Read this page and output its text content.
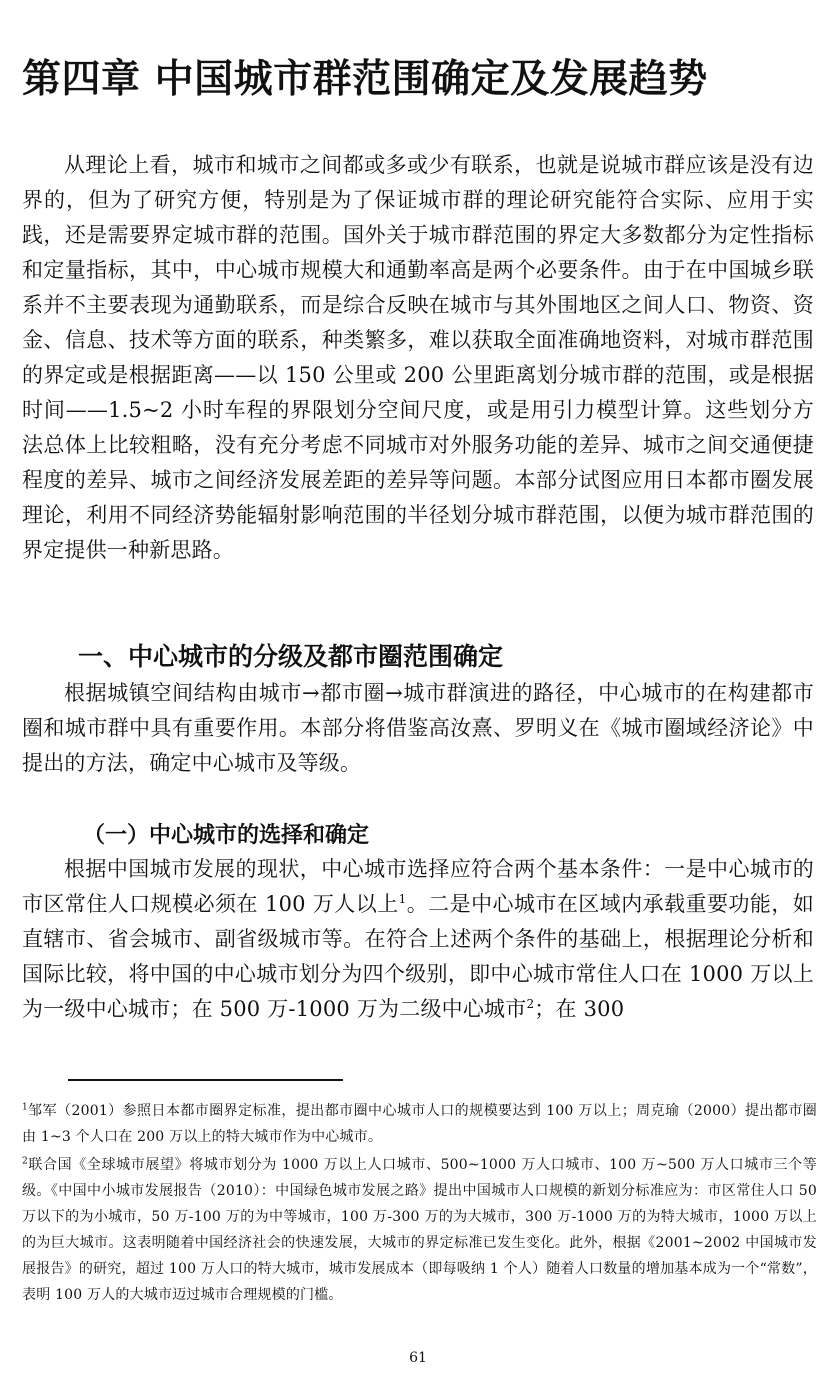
第四章 中国城市群范围确定及发展趋势

从理论上看，城市和城市之间都或多或少有联系，也就是说城市群应该是没有边界的，但为了研究方便，特别是为了保证城市群的理论研究能符合实际、应用于实践，还是需要界定城市群的范围。国外关于城市群范围的界定大多数都分为定性指标和定量指标，其中，中心城市规模大和通勤率高是两个必要条件。由于在中国城乡联系并不主要表现为通勤联系，而是综合反映在城市与其外围地区之间人口、物资、资金、信息、技术等方面的联系，种类繁多，难以获取全面准确地资料，对城市群范围的界定或是根据距离——以 150 公里或 200 公里距离划分城市群的范围，或是根据时间——1.5~2 小时车程的界限划分空间尺度，或是用引力模型计算。这些划分方法总体上比较粗略，没有充分考虑不同城市对外服务功能的差异、城市之间交通便捷程度的差异、城市之间经济发展差距的差异等问题。本部分试图应用日本都市圈发展理论，利用不同经济势能辐射影响范围的半径划分城市群范围，以便为城市群范围的界定提供一种新思路。

一、中心城市的分级及都市圈范围确定

根据城镇空间结构由城市→都市圈→城市群演进的路径，中心城市的在构建都市圈和城市群中具有重要作用。本部分将借鉴高汝熹、罗明义在《城市圈域经济论》中提出的方法，确定中心城市及等级。

（一）中心城市的选择和确定

根据中国城市发展的现状，中心城市选择应符合两个基本条件：一是中心城市的市区常住人口规模必须在 100 万人以上$^1$。二是中心城市在区域内承载重要功能，如直辖市、省会城市、副省级城市等。在符合上述两个条件的基础上，根据理论分析和国际比较，将中国的中心城市划分为四个级别，即中心城市常住人口在 1000 万以上为一级中心城市；在 500 万-1000 万为二级中心城市$^2$；在 300

$^1$邹军（2001）参照日本都市圈界定标准，提出都市圈中心城市人口的规模要达到 100 万以上；周克瑜（2000）提出都市圈由 1~3 个人口在 200 万以上的特大城市作为中心城市。

$^2$联合国《全球城市展望》将城市划分为 1000 万以上人口城市、500~1000 万人口城市、100 万~500 万人口城市三个等级。《中国中小城市发展报告（2010）：中国绿色城市发展之路》提出中国城市人口规模的新划分标准应为：市区常住人口 50 万以下的为小城市，50 万-100 万的为中等城市，100 万-300 万的为大城市，300 万-1000 万的为特大城市，1000 万以上的为巨大城市。这表明随着中国经济社会的快速发展，大城市的界定标准已发生变化。此外，根据《2001~2002 中国城市发展报告》的研究，超过 100 万人口的特大城市，城市发展成本（即每吸纳 1 个人）随着人口数量的增加基本成为一个“常数”，表明 100 万人的大城市迈过城市合理规模的门槛。

61
